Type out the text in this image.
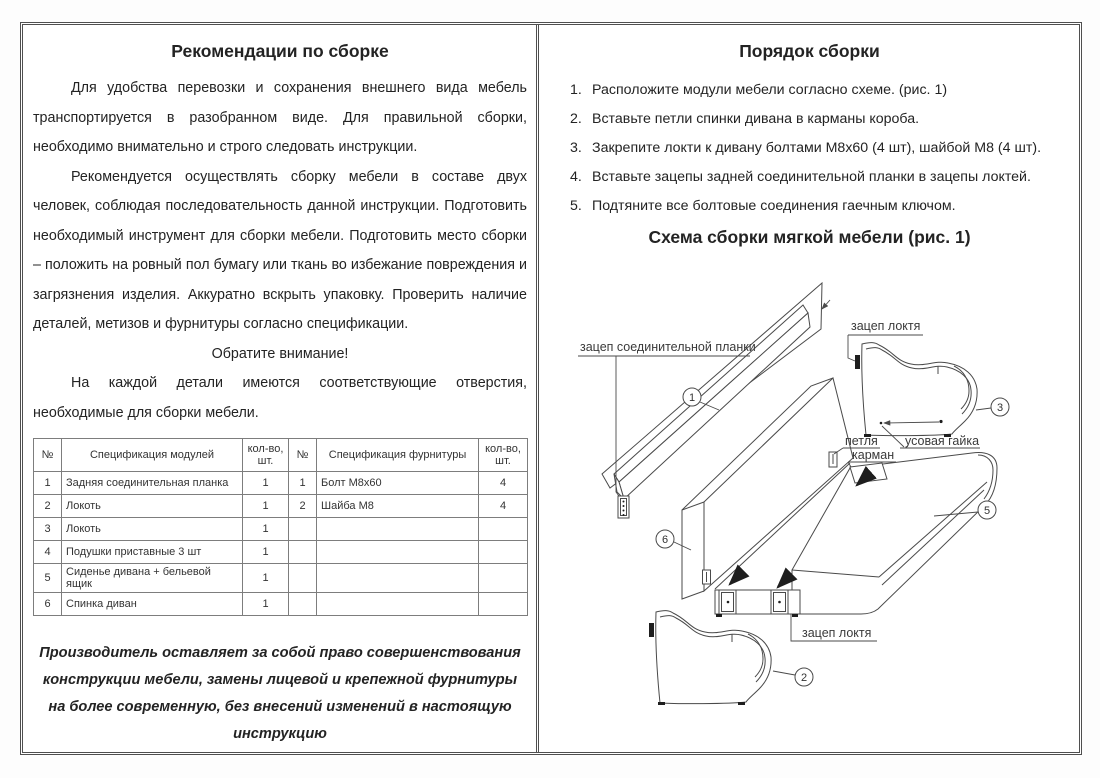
Рекомендации по сборке

Для удобства перевозки и сохранения внешнего вида мебель транспортируется в разобранном виде. Для правильной сборки, необходимо внимательно и строго следовать инструкции.

Рекомендуется осуществлять сборку мебели в составе двух человек, соблюдая последовательность данной инструкции. Подготовить необходимый инструмент для сборки мебели. Подготовить место сборки – положить на ровный пол бумагу или ткань во избежание повреждения и загрязнения изделия. Аккуратно вскрыть упаковку. Проверить наличие деталей, метизов и фурнитуры согласно спецификации.

Обратите внимание!

На каждой детали имеются соответствующие отверстия, необходимые для сборки мебели.

№	Спецификация модулей	кол-во, шт.	№	Спецификация фурнитуры	кол-во, шт.
1	Задняя соединительная планка	1	1	Болт М8х60	4
2	Локоть	1	2	Шайба М8	4
3	Локоть	1			
4	Подушки приставные 3 шт	1			
5	Сиденье дивана + бельевой ящик	1			
6	Спинка диван	1			
Производитель оставляет за собой право совершенствования конструкции мебели, замены лицевой и крепежной фурнитуры на более современную, без внесений изменений в настоящую инструкцию
Порядок сборки
1. Расположите модули мебели согласно схеме. (рис. 1)
2. Вставьте петли спинки дивана в карманы короба.
3. Закрепите локти к дивану болтами М8х60 (4 шт), шайбой М8 (4 шт).
4. Вставьте зацепы задней соединительной планки в зацепы локтей.
5. Подтяните все болтовые соединения гаечным ключом.
Схема сборки мягкой мебели (рис. 1)
зацеп соединительной планки
зацеп локтя
усовая гайка
петля
карман
зацеп локтя
1
6
3
5
2
